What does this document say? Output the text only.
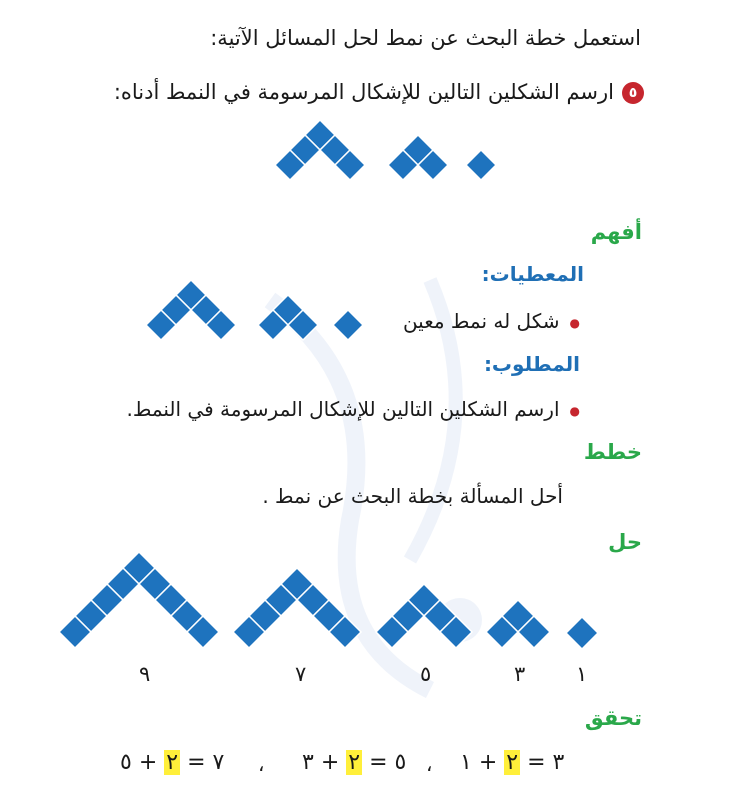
استعمل خطة البحث عن نمط لحل المسائل الآتية:
٥ارسم الشكلين التالين للإشكال المرسومة في النمط أدناه:
أفهم
المعطيات:
● شكل له نمط معين
المطلوب:
● ارسم الشكلين التالين للإشكال المرسومة في النمط.
خطط
أحل المسألة بخطة البحث عن نمط .
حل
٩	٧	٥	٣ ١
تحقق
٣ = ٢ + ١
،
٥ = ٢ + ٣
،
٧ = ٢ + ٥
